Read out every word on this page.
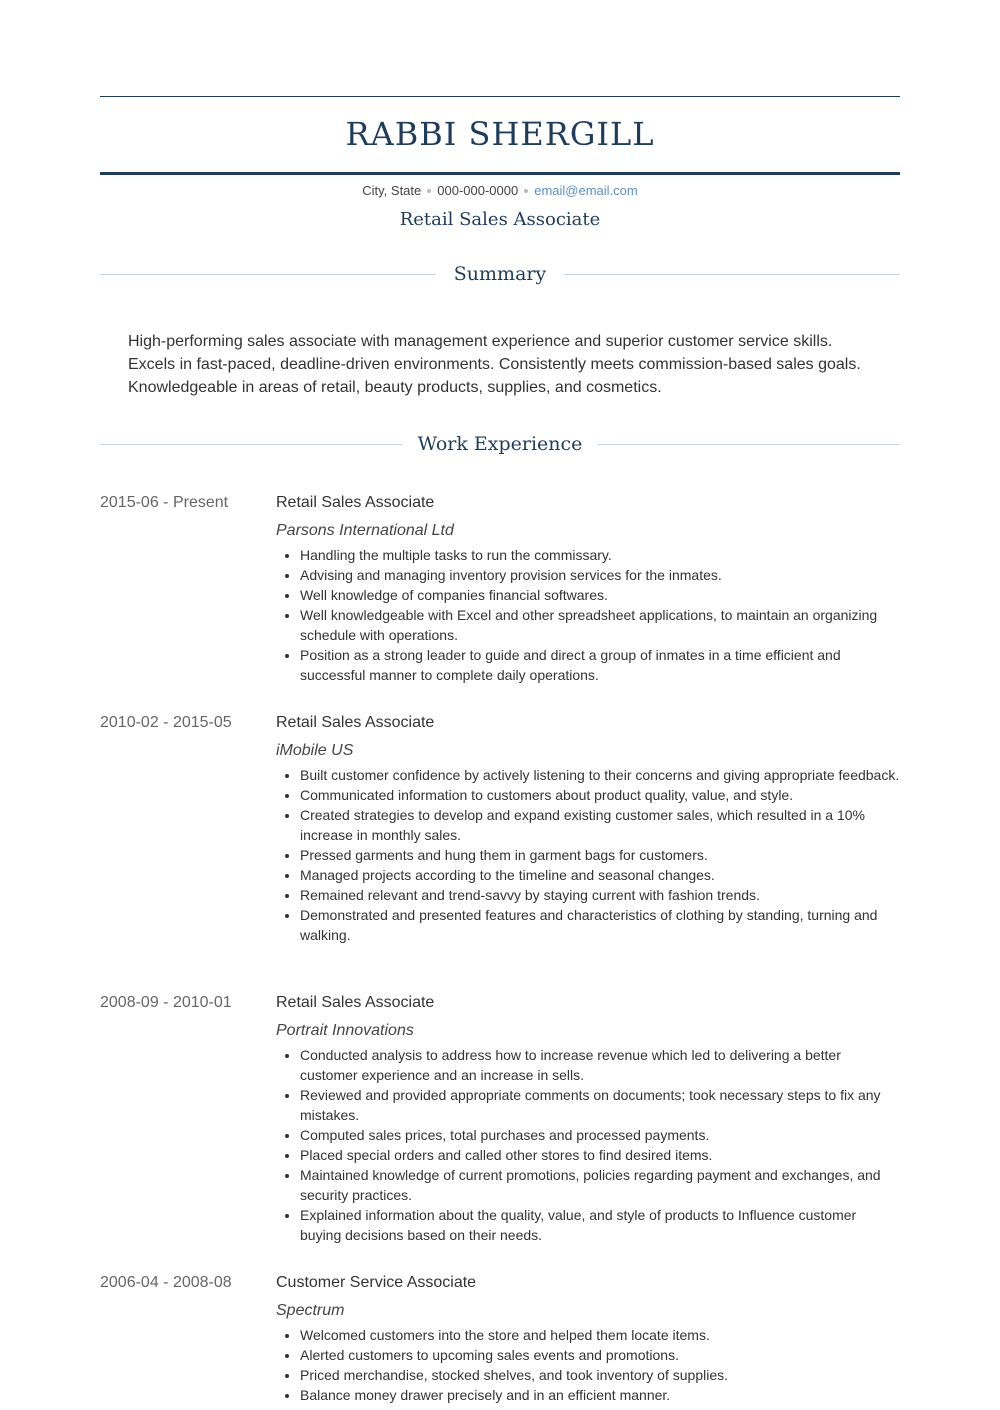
RABBI SHERGILL
City, State 000-000-0000 email@email.com
Retail Sales Associate
Summary
High-performing sales associate with management experience and superior customer service skills. Excels in fast-paced, deadline-driven environments. Consistently meets commission-based sales goals. Knowledgeable in areas of retail, beauty products, supplies, and cosmetics.
Work Experience
2015-06 - Present	Retail Sales Associate
Parsons International Ltd
• Handling the multiple tasks to run the commissary.
• Advising and managing inventory provision services for the inmates.
• Well knowledge of companies financial softwares.
• Well knowledgeable with Excel and other spreadsheet applications, to maintain an organizing schedule with operations.
• Position as a strong leader to guide and direct a group of inmates in a time efficient and successful manner to complete daily operations.
2010-02 - 2015-05	Retail Sales Associate
iMobile US
• Built customer confidence by actively listening to their concerns and giving appropriate feedback.
• Communicated information to customers about product quality, value, and style.
• Created strategies to develop and expand existing customer sales, which resulted in a 10% increase in monthly sales.
• Pressed garments and hung them in garment bags for customers.
• Managed projects according to the timeline and seasonal changes.
• Remained relevant and trend-savvy by staying current with fashion trends.
• Demonstrated and presented features and characteristics of clothing by standing, turning and walking.
2008-09 - 2010-01	Retail Sales Associate
Portrait Innovations
• Conducted analysis to address how to increase revenue which led to delivering a better customer experience and an increase in sells.
• Reviewed and provided appropriate comments on documents; took necessary steps to fix any mistakes.
• Computed sales prices, total purchases and processed payments.
• Placed special orders and called other stores to find desired items.
• Maintained knowledge of current promotions, policies regarding payment and exchanges, and security practices.
• Explained information about the quality, value, and style of products to Influence customer buying decisions based on their needs.
2006-04 - 2008-08	Customer Service Associate
Spectrum
• Welcomed customers into the store and helped them locate items.
• Alerted customers to upcoming sales events and promotions.
• Priced merchandise, stocked shelves, and took inventory of supplies.
• Balance money drawer precisely and in an efficient manner.
